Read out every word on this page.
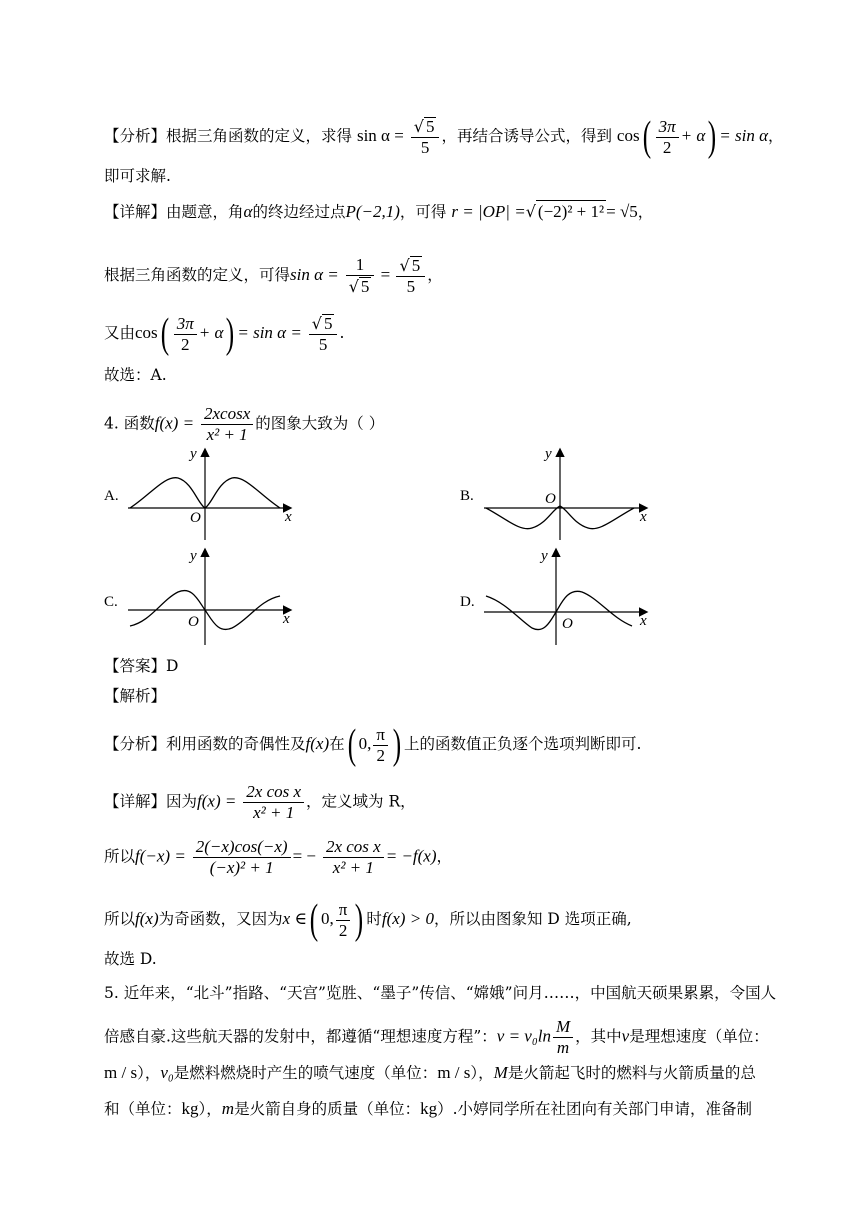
【分析】根据三角函数的定义，求得 $\sin \alpha = \frac{√ 5}{5}$ ，再结合诱导公式，得到 $\cos( \frac{3\pi}{2} + \alpha) = \sin \alpha$，
即可求解.
【详解】由题意，角α的终边经过点P(−2,1)，可得 r = |OP| =√ (−2)² + 1² = √5，
根据三角函数的定义，可得$\sin \alpha = \frac{1}{√ 5} = \frac{√ 5}{5}$ ，
又由$\cos( \frac{3\pi}{2} + \alpha) = \sin \alpha = \frac{√ 5}{5}$ .
故选：A.
4. 函数$f(x) = \frac{2xcosx}{\text{x² + 1}}$ 的图象大致为（ ）
A.
x
y
O
B.
x
y
O
C.
x
y
O
D.
x
y
O
【答案】D
【解析】
【分析】利用函数的奇偶性及f(x)在( 0, $\frac{\pi}{2}$ ) 上的函数值正负逐个选项判断即可.
【详解】因为$f(x) = \frac{\text{2x cos x}}{\text{x² + 1}}$ ，定义域为 R，
所以$f(-x) = \frac{2(-x)\cos(-x)}{\text{(−x)² + 1}}$ = − $\frac{\text{2x cos x}}{\text{x² + 1}} = -f(x)$，
所以f(x)为奇函数，又因为x ∈( 0, $\frac{\pi}{2}$ ) 时f(x) > 0，所以由图象知 D 选项正确,
故选 D.
5. 近年来，“北斗”指路、“天宫”览胜、“墨子”传信、“嫦娥”问月……，中国航天硕果累累，令国人
倍感自豪.这些航天器的发射中，都遵循“理想速度方程”：$v = v_0\ln \frac{M}{m}$ ，其中v是理想速度（单位：
m / s），v₀是燃料燃烧时产生的喷气速度（单位：m / s），M是火箭起飞时的燃料与火箭质量的总
和（单位：kg），m是火箭自身的质量（单位：kg）.小婷同学所在社团向有关部门申请，准备制
